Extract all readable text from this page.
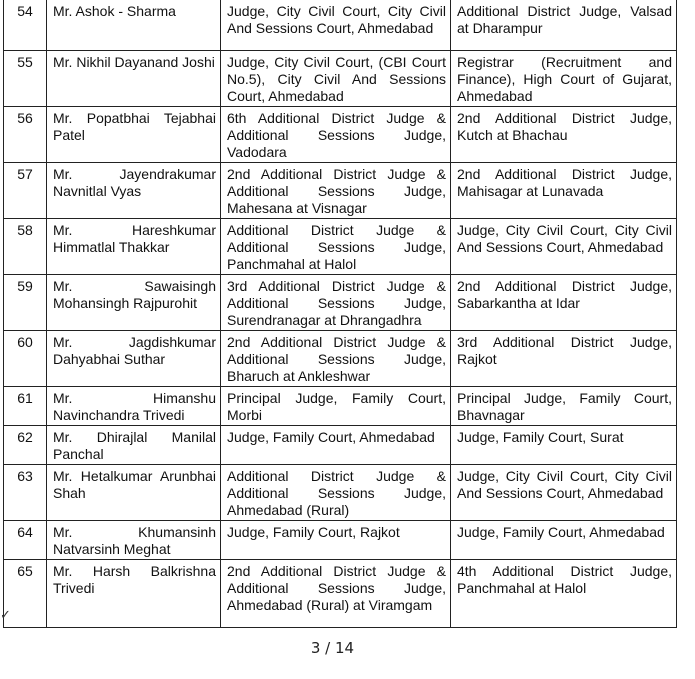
54	Mr. Ashok - Sharma	Judge, City Civil Court, City Civil And Sessions Court, Ahmedabad	Additional District Judge, Valsad at Dharampur
55	Mr. Nikhil Dayanand Joshi	Judge, City Civil Court, (CBI Court No.5), City Civil And Sessions Court, Ahmedabad	Registrar (Recruitment and Finance), High Court of Gujarat, Ahmedabad
56	Mr. Popatbhai Tejabhai Patel	6th Additional District Judge & Additional Sessions Judge, Vadodara	2nd Additional District Judge, Kutch at Bhachau
57	Mr. Jayendrakumar Navnitlal Vyas	2nd Additional District Judge & Additional Sessions Judge, Mahesana at Visnagar	2nd Additional District Judge, Mahisagar at Lunavada
58	Mr. Hareshkumar Himmatlal Thakkar	Additional District Judge & Additional Sessions Judge, Panchmahal at Halol	Judge, City Civil Court, City Civil And Sessions Court, Ahmedabad
59	Mr. Sawaisingh Mohansingh Rajpurohit	3rd Additional District Judge & Additional Sessions Judge, Surendranagar at Dhrangadhra	2nd Additional District Judge, Sabarkantha at Idar
60	Mr. Jagdishkumar Dahyabhai Suthar	2nd Additional District Judge & Additional Sessions Judge, Bharuch at Ankleshwar	3rd Additional District Judge, Rajkot
61	Mr. Himanshu Navinchandra Trivedi	Principal Judge, Family Court, Morbi	Principal Judge, Family Court, Bhavnagar
62	Mr. Dhirajlal Manilal Panchal	Judge, Family Court, Ahmedabad	Judge, Family Court, Surat
63	Mr. Hetalkumar Arunbhai Shah	Additional District Judge & Additional Sessions Judge, Ahmedabad (Rural)	Judge, City Civil Court, City Civil And Sessions Court, Ahmedabad
64	Mr. Khumansinh Natvarsinh Meghat	Judge, Family Court, Rajkot	Judge, Family Court, Ahmedabad
65	Mr. Harsh Balkrishna Trivedi	2nd Additional District Judge & Additional Sessions Judge, Ahmedabad (Rural) at Viramgam	4th Additional District Judge, Panchmahal at Halol
✓
3 / 14
